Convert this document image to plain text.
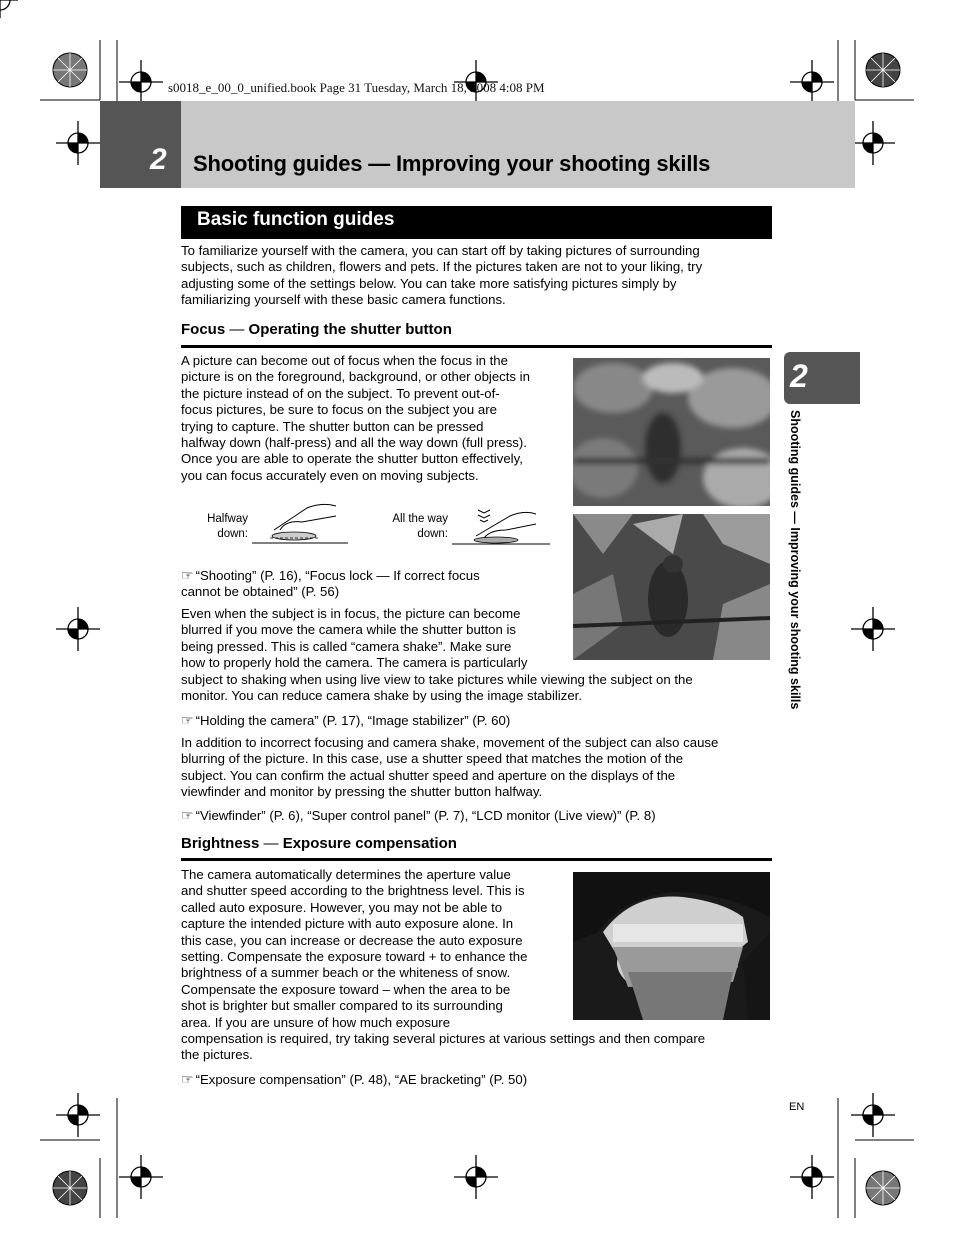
s0018_e_00_0_unified.book Page 31 Tuesday, March 18, 2008 4:08 PM
2 Shooting guides — Improving your shooting skills
Basic function guides
To familiarize yourself with the camera, you can start off by taking pictures of surrounding
subjects, such as children, flowers and pets. If the pictures taken are not to your liking, try
adjusting some of the settings below. You can take more satisfying pictures simply by
familiarizing yourself with these basic camera functions.
Focus — Operating the shutter button
A picture can become out of focus when the focus in the
picture is on the foreground, background, or other objects in
the picture instead of on the subject. To prevent out-of-
focus pictures, be sure to focus on the subject you are
trying to capture. The shutter button can be pressed
halfway down (half-press) and all the way down (full press).
Once you are able to operate the shutter button effectively,
you can focus accurately even on moving subjects.
Halfway
down:
All the way
down:
☞ “Shooting” (P. 16), “Focus lock — If correct focus
cannot be obtained” (P. 56)
Even when the subject is in focus, the picture can become
blurred if you move the camera while the shutter button is
being pressed. This is called “camera shake”. Make sure
how to properly hold the camera. The camera is particularly
subject to shaking when using live view to take pictures while viewing the subject on the
monitor. You can reduce camera shake by using the image stabilizer.
☞ “Holding the camera” (P. 17), “Image stabilizer” (P. 60)
In addition to incorrect focusing and camera shake, movement of the subject can also cause
blurring of the picture. In this case, use a shutter speed that matches the motion of the
subject. You can confirm the actual shutter speed and aperture on the displays of the
viewfinder and monitor by pressing the shutter button halfway.
☞ “Viewfinder” (P. 6), “Super control panel” (P. 7), “LCD monitor (Live view)” (P. 8)
Brightness — Exposure compensation
The camera automatically determines the aperture value
and shutter speed according to the brightness level. This is
called auto exposure. However, you may not be able to
capture the intended picture with auto exposure alone. In
this case, you can increase or decrease the auto exposure
setting. Compensate the exposure toward + to enhance the
brightness of a summer beach or the whiteness of snow.
Compensate the exposure toward – when the area to be
shot is brighter but smaller compared to its surrounding
area. If you are unsure of how much exposure
compensation is required, try taking several pictures at various settings and then compare
the pictures.
☞ “Exposure compensation” (P. 48), “AE bracketing” (P. 50)
2
Shooting guides — Improving your shooting skills
EN
